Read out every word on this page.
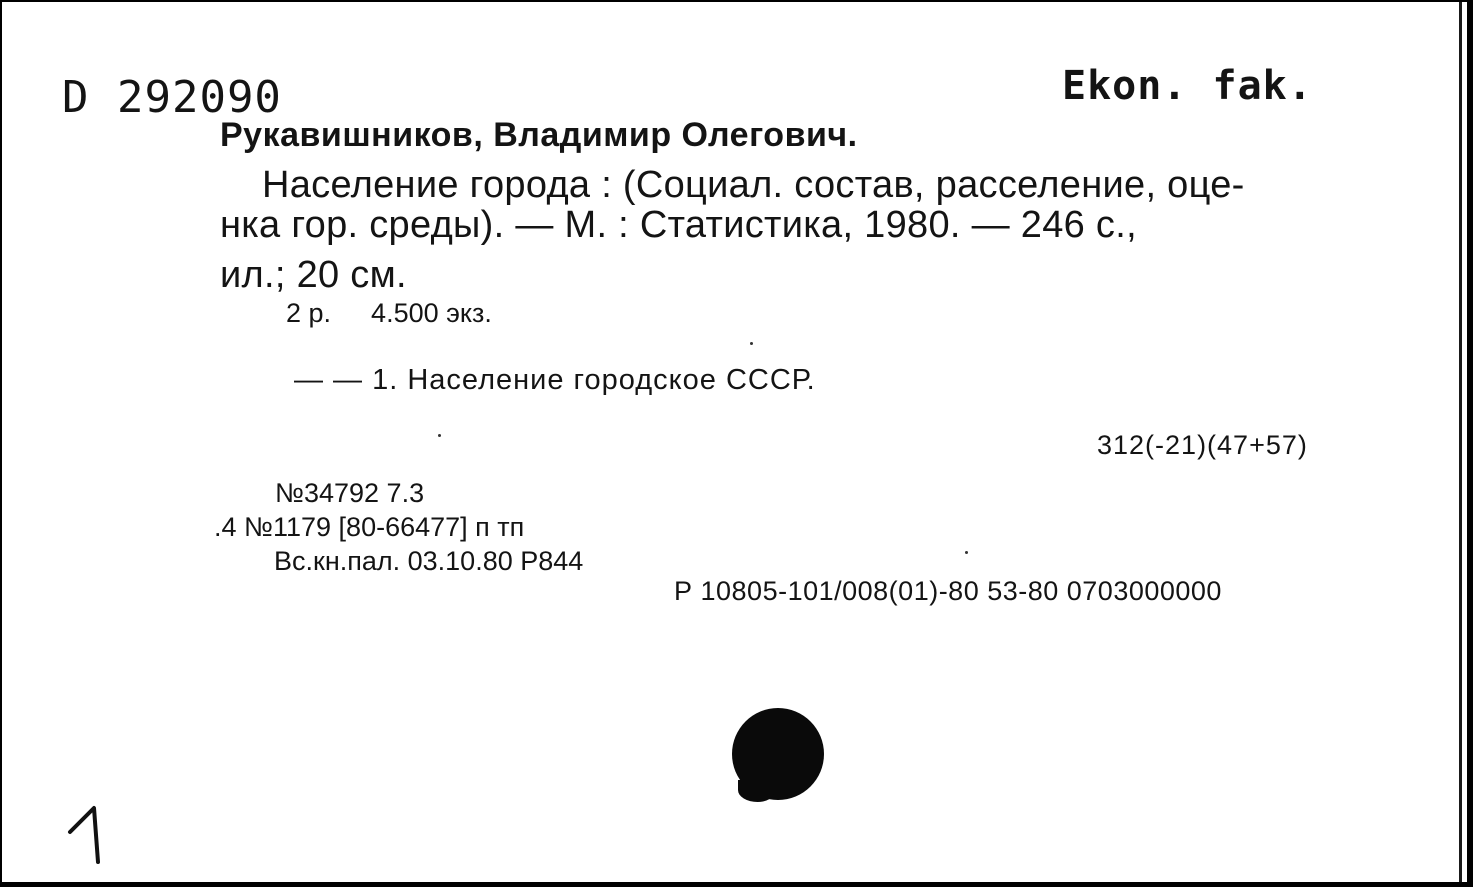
D 292090	Ekon. fak.
Рукавишников, Владимир Олегович.
Население города : (Социал. состав, расселение, оце-
нка гор. среды). — М. : Статистика, 1980. — 246 с.,
ил.; 20 см.
2 р. 4.500 экз.
— — 1. Население городское СССР.
312(-21)(47+57)
№34792 7.3
.4 №1179 [80-66477] п тп
Вс.кн.пал. 03.10.80 Р844
Р 10805-101/008(01)-80 53-80 0703000000
